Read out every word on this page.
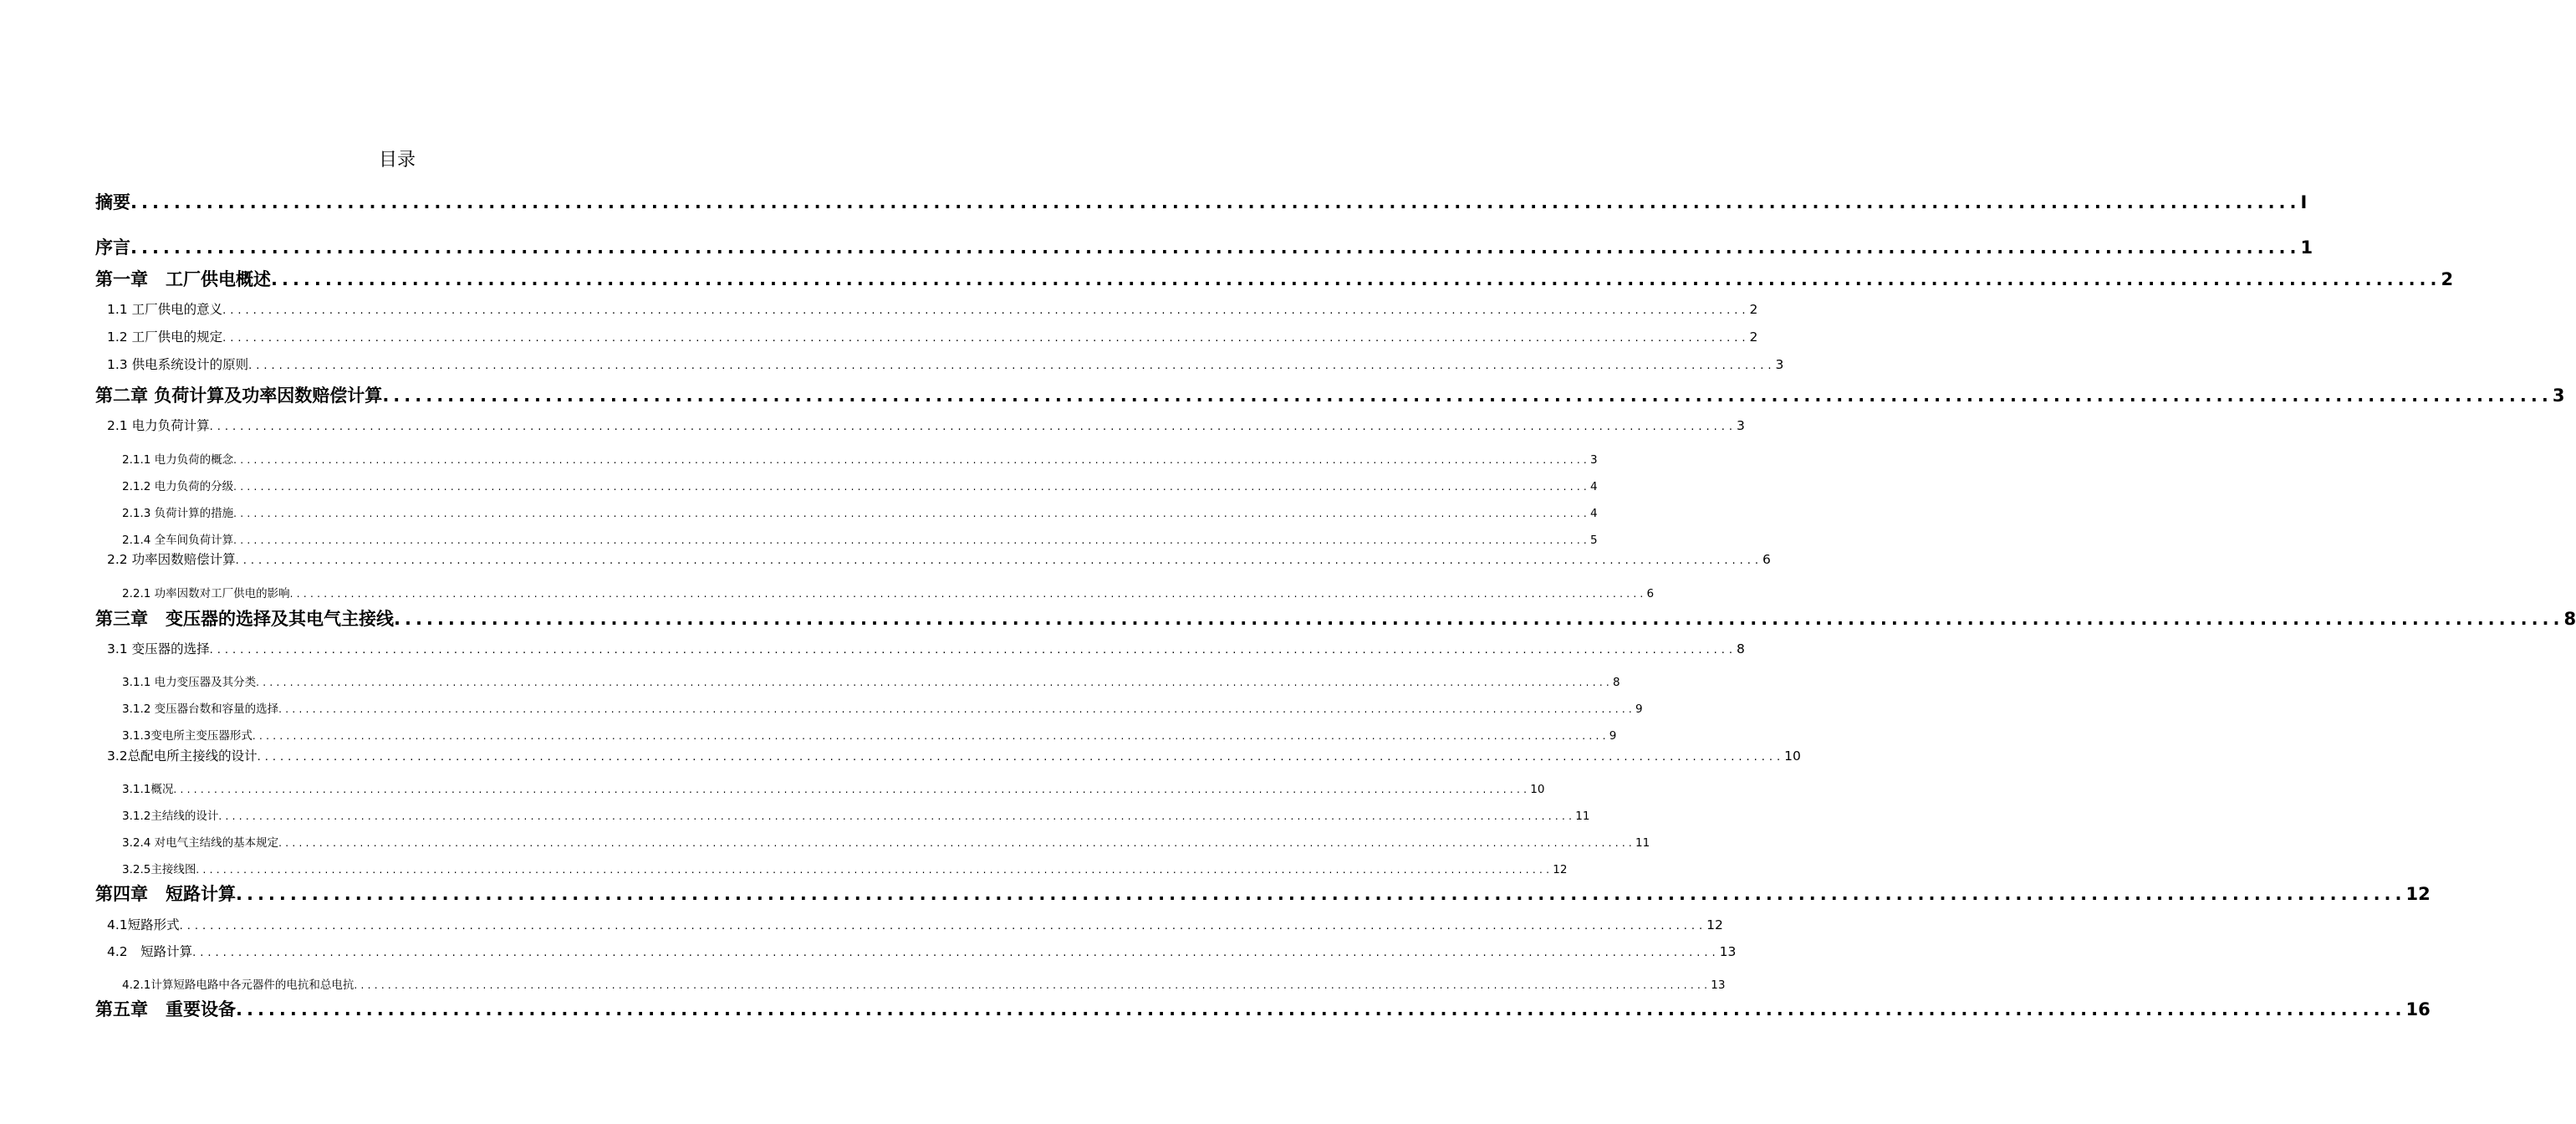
目录
摘要 ........................................................................................................................................................................................................ I
序言 ........................................................................................................................................................................................................ 1
第一章　工厂供电概述 ........................................................................................................................................................................................................ 2
1.1 工厂供电的意义 ........................................................................................................................................................................................................ 2
1.2 工厂供电的规定 ........................................................................................................................................................................................................ 2
1.3 供电系统设计的原则 ........................................................................................................................................................................................................ 3
第二章 负荷计算及功率因数赔偿计算 ........................................................................................................................................................................................................ 3
2.1 电力负荷计算 ........................................................................................................................................................................................................ 3
2.1.1 电力负荷的概念 ........................................................................................................................................................................................................ 3
2.1.2 电力负荷的分级 ........................................................................................................................................................................................................ 4
2.1.3 负荷计算的措施 ........................................................................................................................................................................................................ 4
2.1.4 全车间负荷计算 ........................................................................................................................................................................................................ 5
2.2 功率因数赔偿计算 ........................................................................................................................................................................................................ 6
2.2.1 功率因数对工厂供电的影响 ........................................................................................................................................................................................................ 6
第三章　变压器的选择及其电气主接线 ........................................................................................................................................................................................................ 8
3.1 变压器的选择 ........................................................................................................................................................................................................ 8
3.1.1 电力变压器及其分类 ........................................................................................................................................................................................................ 8
3.1.2 变压器台数和容量的选择 ........................................................................................................................................................................................................ 9
3.1.3变电所主变压器形式 ........................................................................................................................................................................................................ 9
3.2总配电所主接线的设计 ........................................................................................................................................................................................................ 10
3.1.1概况 ........................................................................................................................................................................................................ 10
3.1.2主结线的设计 ........................................................................................................................................................................................................ 11
3.2.4 对电气主结线的基本规定 ........................................................................................................................................................................................................ 11
3.2.5主接线图 ........................................................................................................................................................................................................ 12
第四章　短路计算 ........................................................................................................................................................................................................ 12
4.1短路形式 ........................................................................................................................................................................................................ 12
4.2　短路计算 ........................................................................................................................................................................................................ 13
4.2.1计算短路电路中各元器件的电抗和总电抗 ........................................................................................................................................................................................................ 13
第五章　重要设备 ........................................................................................................................................................................................................ 16
